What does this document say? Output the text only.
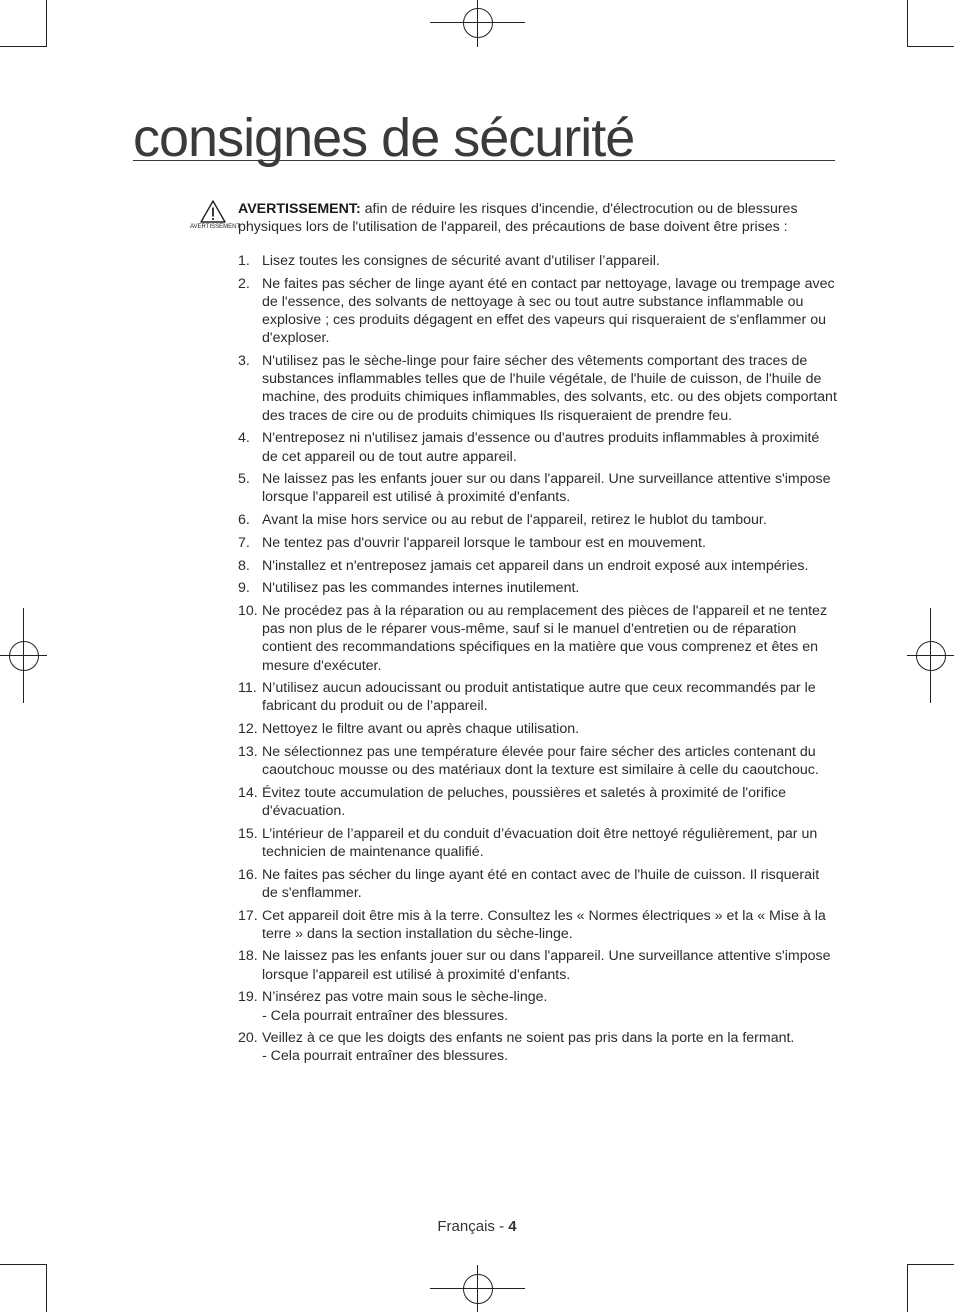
consignes de sécurité
AVERTISSEMENT
AVERTISSEMENT: afin de réduire les risques d'incendie, d'électrocution ou de blessures physiques lors de l'utilisation de l'appareil, des précautions de base doivent être prises :
1. Lisez toutes les consignes de sécurité avant d'utiliser l’appareil.
2. Ne faites pas sécher de linge ayant été en contact par nettoyage, lavage ou trempage avec de l'essence, des solvants de nettoyage à sec ou tout autre substance inflammable ou explosive ; ces produits dégagent en effet des vapeurs qui risqueraient de s'enflammer ou d'exploser.
3. N'utilisez pas le sèche-linge pour faire sécher des vêtements comportant des traces de substances inflammables telles que de l'huile végétale, de l'huile de cuisson, de l'huile de machine, des produits chimiques inflammables, des solvants, etc. ou des objets comportant des traces de cire ou de produits chimiques Ils risqueraient de prendre feu.
4. N'entreposez ni n'utilisez jamais d'essence ou d'autres produits inflammables à proximité de cet appareil ou de tout autre appareil.
5. Ne laissez pas les enfants jouer sur ou dans l'appareil. Une surveillance attentive s'impose lorsque l'appareil est utilisé à proximité d'enfants.
6. Avant la mise hors service ou au rebut de l'appareil, retirez le hublot du tambour.
7. Ne tentez pas d'ouvrir l'appareil lorsque le tambour est en mouvement.
8. N'installez et n'entreposez jamais cet appareil dans un endroit exposé aux intempéries.
9. N'utilisez pas les commandes internes inutilement.
10. Ne procédez pas à la réparation ou au remplacement des pièces de l'appareil et ne tentez pas non plus de le réparer vous-même, sauf si le manuel d'entretien ou de réparation contient des recommandations spécifiques en la matière que vous comprenez et êtes en mesure d'exécuter.
11. N’utilisez aucun adoucissant ou produit antistatique autre que ceux recommandés par le fabricant du produit ou de l’appareil.
12. Nettoyez le filtre avant ou après chaque utilisation.
13. Ne sélectionnez pas une température élevée pour faire sécher des articles contenant du caoutchouc mousse ou des matériaux dont la texture est similaire à celle du caoutchouc.
14. Évitez toute accumulation de peluches, poussières et saletés à proximité de l'orifice d'évacuation.
15. L’intérieur de l’appareil et du conduit d’évacuation doit être nettoyé régulièrement, par un technicien de maintenance qualifié.
16. Ne faites pas sécher du linge ayant été en contact avec de l'huile de cuisson. Il risquerait de s'enflammer.
17. Cet appareil doit être mis à la terre. Consultez les « Normes électriques » et la « Mise à la terre » dans la section installation du sèche-linge.
18. Ne laissez pas les enfants jouer sur ou dans l'appareil. Une surveillance attentive s'impose lorsque l'appareil est utilisé à proximité d'enfants.
19. N’insérez pas votre main sous le sèche-linge.
- Cela pourrait entraîner des blessures.
20. Veillez à ce que les doigts des enfants ne soient pas pris dans la porte en la fermant.
- Cela pourrait entraîner des blessures.
Français - 4
